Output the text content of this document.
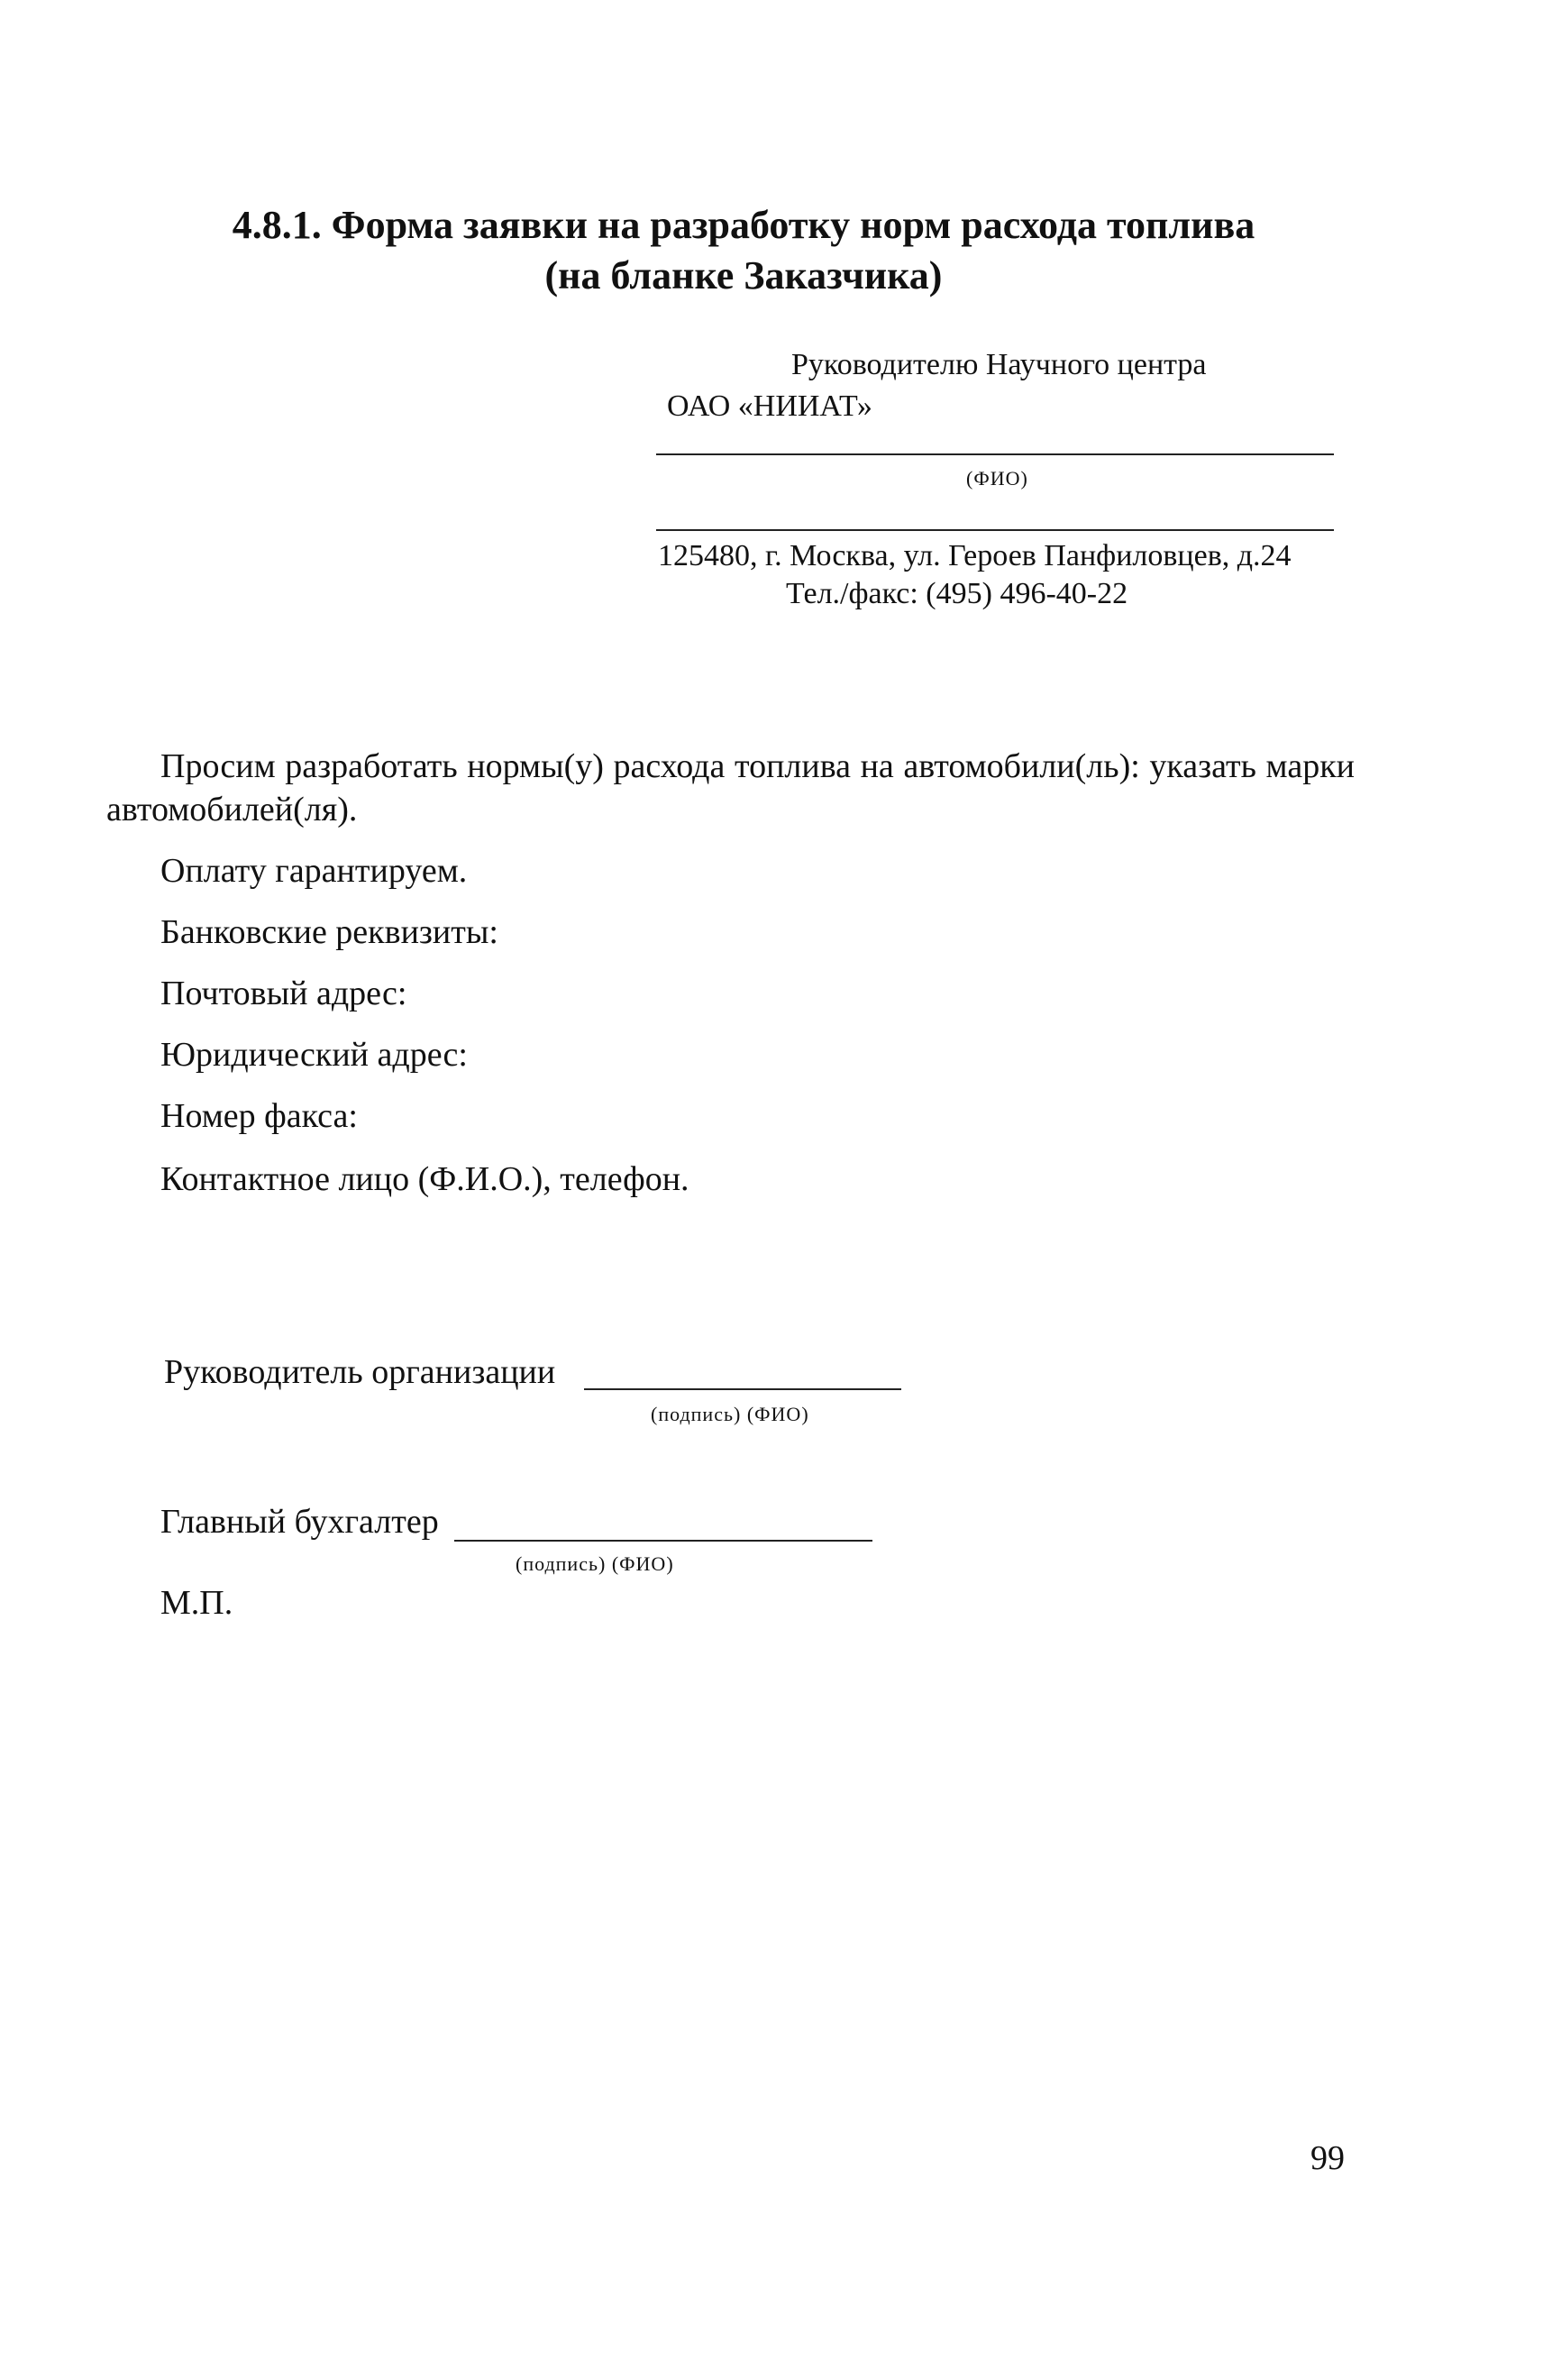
4.8.1. Форма заявки на разработку норм расхода топлива
(на бланке Заказчика)
Руководителю Научного центра
ОАО «НИИАТ»
(ФИО)
125480, г. Москва, ул. Героев Панфиловцев, д.24
Тел./факс: (495) 496-40-22
Просим разработать нормы(у) расхода топлива на автомобили(ль): указать марки автомобилей(ля).
Оплату гарантируем.
Банковские реквизиты:
Почтовый адрес:
Юридический адрес:
Номер факса:
Контактное лицо (Ф.И.О.), телефон.
Руководитель организации
(подпись) (ФИО)
Главный бухгалтер
(подпись) (ФИО)
М.П.
99
